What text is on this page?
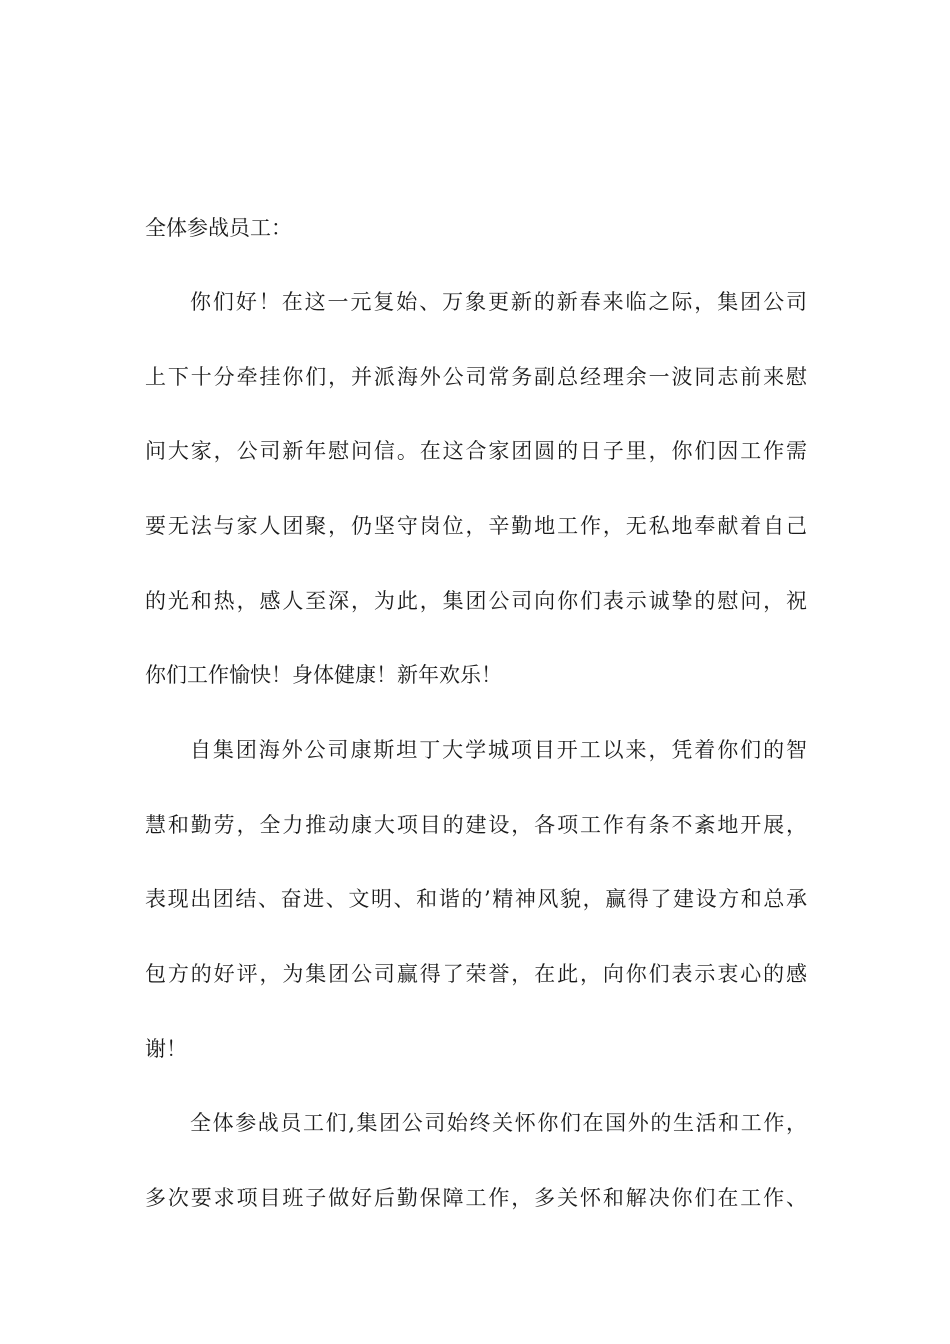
全体参战员工：
你们好！在这一元复始、万象更新的新春来临之际，集团公司
上下十分牵挂你们，并派海外公司常务副总经理余一波同志前来慰
问大家，公司新年慰问信。在这合家团圆的日子里，你们因工作需
要无法与家人团聚，仍坚守岗位，辛勤地工作，无私地奉献着自己
的光和热，感人至深，为此，集团公司向你们表示诚挚的慰问，祝
你们工作愉快！身体健康！新年欢乐！
自集团海外公司康斯坦丁大学城项目开工以来，凭着你们的智
慧和勤劳，全力推动康大项目的建设，各项工作有条不紊地开展，
表现出团结、奋进、文明、和谐的’精神风貌，赢得了建设方和总承
包方的好评，为集团公司赢得了荣誉，在此，向你们表示衷心的感
谢！
全体参战员工们,集团公司始终关怀你们在国外的生活和工作，
多次要求项目班子做好后勤保障工作，多关怀和解决你们在工作、
